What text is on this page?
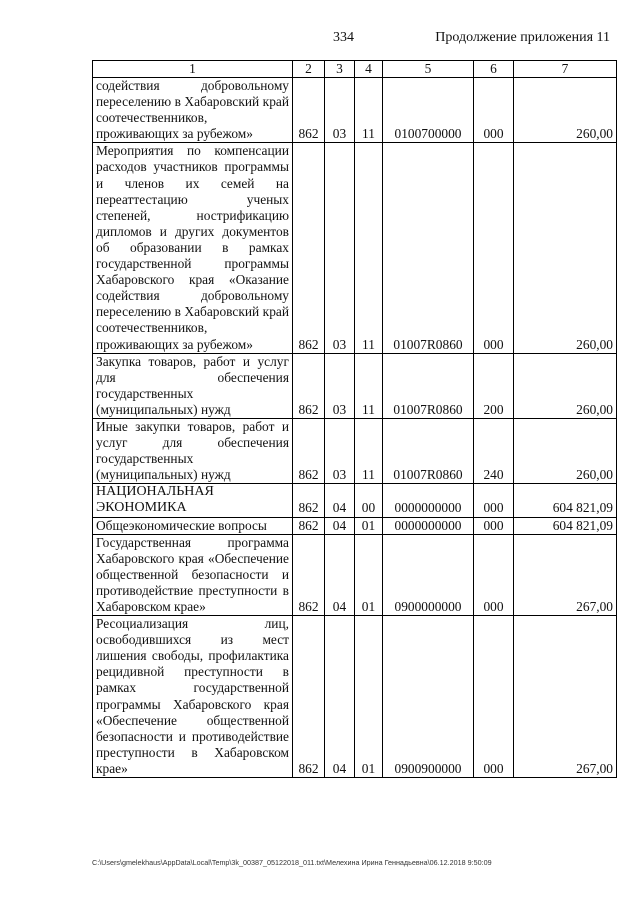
334	Продолжение приложения 11
1	2	3	4	5	6	7
содействия добровольному переселению в Хабаровский край соотечественников, проживающих за рубежом»	862	03	11	0100700000	000	260,00
Мероприятия по компенсации расходов участников программы и членов их семей на переаттестацию ученых степеней, нострификацию дипломов и других документов об образовании в рамках государственной программы Хабаровского края «Оказание содействия добровольному переселению в Хабаровский край соотечественников, проживающих за рубежом»	862	03	11	01007R0860	000	260,00
Закупка товаров, работ и услуг для обеспечения государственных (муниципальных) нужд	862	03	11	01007R0860	200	260,00
Иные закупки товаров, работ и услуг для обеспечения государственных (муниципальных) нужд	862	03	11	01007R0860	240	260,00
НАЦИОНАЛЬНАЯ ЭКОНОМИКА	862	04	00	0000000000	000	604 821,09
Общеэкономические вопросы	862	04	01	0000000000	000	604 821,09
Государственная программа Хабаровского края «Обеспечение общественной безопасности и противодействие преступности в Хабаровском крае»	862	04	01	0900000000	000	267,00
Ресоциализация лиц, освободившихся из мест лишения свободы, профилактика рецидивной преступности в рамках государственной программы Хабаровского края «Обеспечение общественной безопасности и противодействие преступности в Хабаровском крае»	862	04	01	0900900000	000	267,00
C:\Users\gmelekhaus\AppData\Local\Temp\3k_00387_05122018_011.txt\Мелехина Ирина Геннадьевна\06.12.2018 9:50:09
